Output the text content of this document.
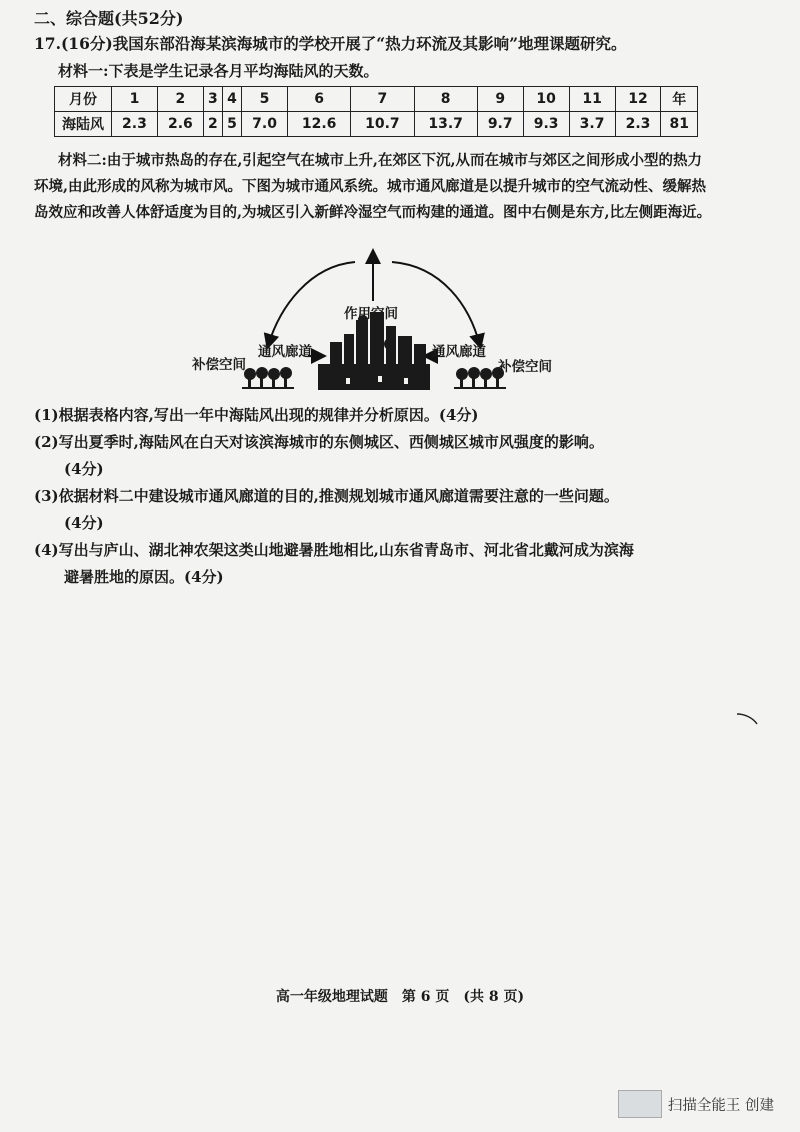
二、综合题(共52分)
17.(16分)我国东部沿海某滨海城市的学校开展了“热力环流及其影响”地理课题研究。
材料一:下表是学生记录各月平均海陆风的天数。
月份	1	2	3	4	5	6	7	8	9	10	11	12	年
海陆风	2.3	2.6	2	5	7.0	12.6	10.7	13.7	9.7	9.3	3.7	2.3	81
材料二:由于城市热岛的存在,引起空气在城市上升,在郊区下沉,从而在城市与郊区之间形成小型的热力环境,由此形成的风称为城市风。下图为城市通风系统。城市通风廊道是以提升城市的空气流动性、缓解热岛效应和改善人体舒适度为目的,为城区引入新鲜冷湿空气而构建的通道。图中右侧是东方,比左侧距海近。
作用空间
通风廊道	通风廊道
补偿空间	补偿空间
(1)根据表格内容,写出一年中海陆风出现的规律并分析原因。(4分)
(2)写出夏季时,海陆风在白天对该滨海城市的东侧城区、西侧城区城市风强度的影响。
(4分)
(3)依据材料二中建设城市通风廊道的目的,推测规划城市通风廊道需要注意的一些问题。
(4分)
(4)写出与庐山、湖北神农架这类山地避暑胜地相比,山东省青岛市、河北省北戴河成为滨海
避暑胜地的原因。(4分)
高一年级地理试题　第 6 页　(共 8 页)
扫描全能王 创建
